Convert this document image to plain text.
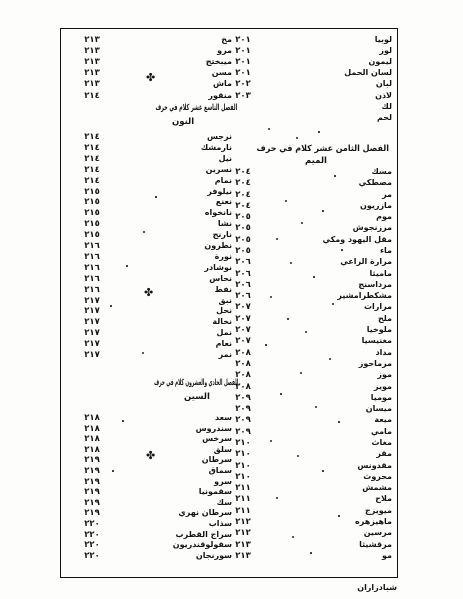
الفصل الثامن عشر كلام في حرف
الميم
الفصل التاسع عشر كلام في حرف
النون
الفصل الحادي والعشرون كلام في حرف
السين
✤
✤
✤
شبادزاران
لوبيا
٢٠١
لوز
٢٠١
ليمون
٢٠١
لسان الحمل
٢٠١
لبان
٢٠٢
لاذن
٢٠٣
لك
لحم
مسك
٢٠٤
مصطكي
٢٠٤
مر
٢٠٤
مازريون
٢٠٤
موم
٢٠٥
مرزنجوش
٢٠٥
مقل اليهود ومكي
٢٠٥
ماء
٢٠٥
مرارة الراعي
٢٠٦
ماميثا
٢٠٦
مرداسنج
٢٠٦
مشكطرامشير
٢٠٦
مرارات
٢٠٧
ملح
٢٠٧
ملوخيا
٢٠٧
مغنيسيا
٢٠٧
مداد
٢٠٨
مرماحوز
٢٠٨
موز
٢٠٨
مويز
٢٠٨
موميا
٢٠٩
ميسان
٢٠٩
ميعة
٢٠٩
مامي
٢٠٩
مغاث
٢١٠
مقر
٢١٠
مقدونس
٢١٠
محروث
٢١٠
مشمش
٢١١
ملاح
٢١١
ميويزج
٢١١
ماهيزهره
٢١٢
مرسين
٢١٢
مرقشيثا
٢١٣
مو
٢١٣
مخ
٢١٣
مرو
٢١٣
ميبختج
٢١٣
مسن
٢١٣
ماش
٢١٣
منقور
٢١٤
نرجس
٢١٤
نارمشك
٢١٤
نيل
٢١٤
نسرين
٢١٤
نمام
٢١٤
نيلوفر
٢١٥
نعنع
٢١٥
نانخواه
٢١٥
نشا
٢١٥
نارنج
٢١٥
نطرون
٢١٦
نورة
٢١٦
نوشادر
٢١٦
نحاس
٢١٦
نفط
٢١٦
نبق
٢١٧
نحل
٢١٧
نخالة
٢١٧
نمل
٢١٧
نعام
٢١٧
نمر
٢١٧
سعد
٢١٨
سندروس
٢١٨
سرخس
٢١٨
سلق
٢١٨
سرطان
٢١٩
سماق
٢١٩
سرو
٢١٩
سقمونيا
٢١٩
سك
٢١٩
سرطان نهري
٢١٩
سذاب
٢٢٠
سراج القطرب
٢٢٠
سقولوقندريون
٢٢٠
سورنجان
٢٢٠
